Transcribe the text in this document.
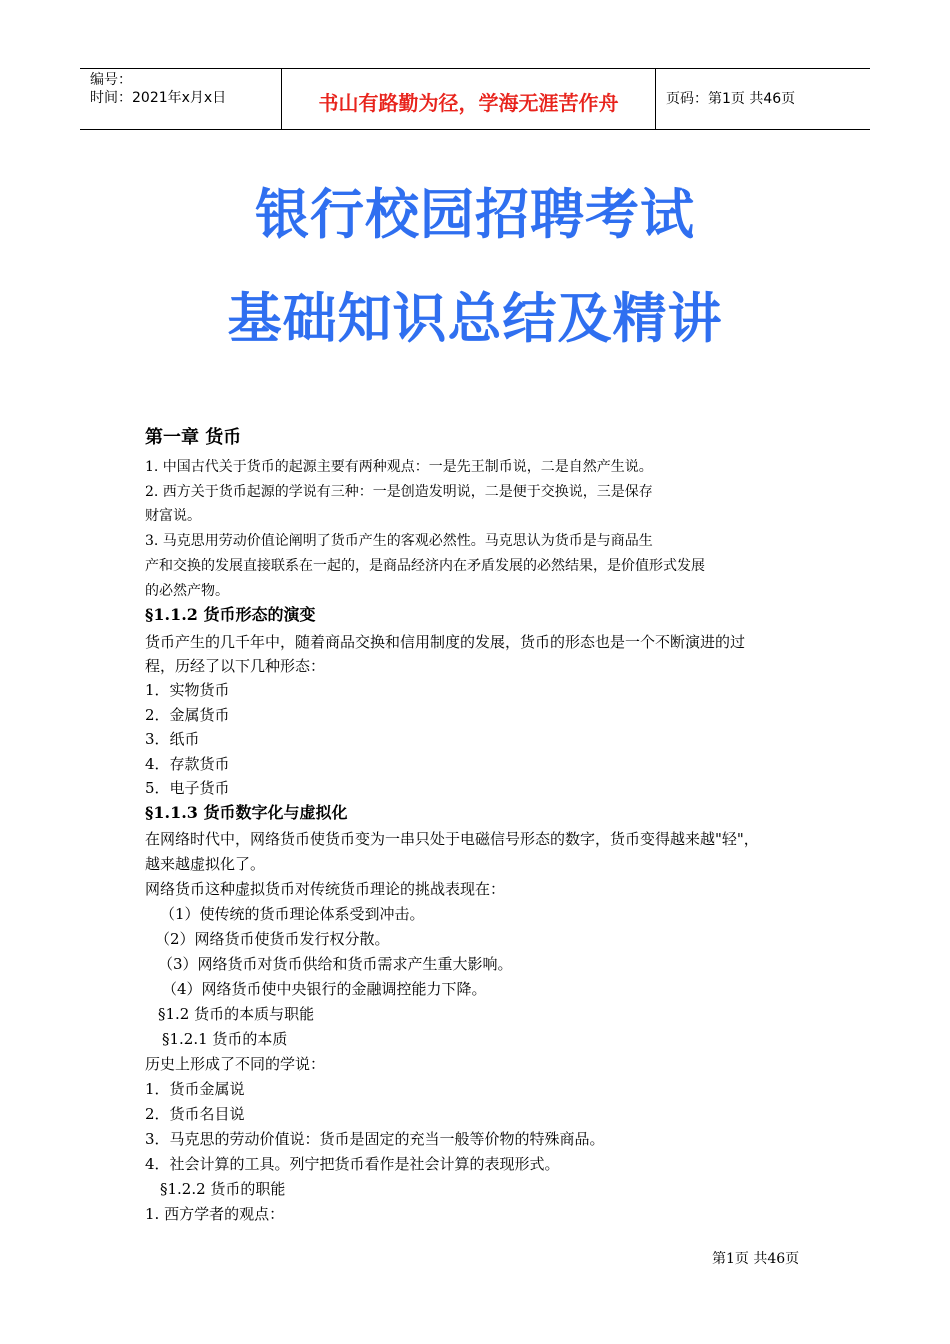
编号：
时间：2021年x月x日	书山有路勤为径，学海无涯苦作舟	页码：第1页 共46页
银行校园招聘考试
基础知识总结及精讲
第一章 货币
1. 中国古代关于货币的起源主要有两种观点：一是先王制币说，二是自然产生说。
2. 西方关于货币起源的学说有三种：一是创造发明说，二是便于交换说，三是保存
财富说。
3. 马克思用劳动价值论阐明了货币产生的客观必然性。马克思认为货币是与商品生
产和交换的发展直接联系在一起的，是商品经济内在矛盾发展的必然结果，是价值形式发展
的必然产物。
§1.1.2 货币形态的演变
货币产生的几千年中，随着商品交换和信用制度的发展，货币的形态也是一个不断演进的过
程，历经了以下几种形态：
1．实物货币
2．金属货币
3．纸币
4．存款货币
5．电子货币
§1.1.3 货币数字化与虚拟化
在网络时代中，网络货币使货币变为一串只处于电磁信号形态的数字，货币变得越来越"轻"，
越来越虚拟化了。
网络货币这种虚拟货币对传统货币理论的挑战表现在：
（1）使传统的货币理论体系受到冲击。
（2）网络货币使货币发行权分散。
（3）网络货币对货币供给和货币需求产生重大影响。
（4）网络货币使中央银行的金融调控能力下降。
§1.2 货币的本质与职能
§1.2.1 货币的本质
历史上形成了不同的学说：
1．货币金属说
2．货币名目说
3．马克思的劳动价值说：货币是固定的充当一般等价物的特殊商品。
4．社会计算的工具。列宁把货币看作是社会计算的表现形式。
§1.2.2 货币的职能
1. 西方学者的观点：
第1页 共46页
